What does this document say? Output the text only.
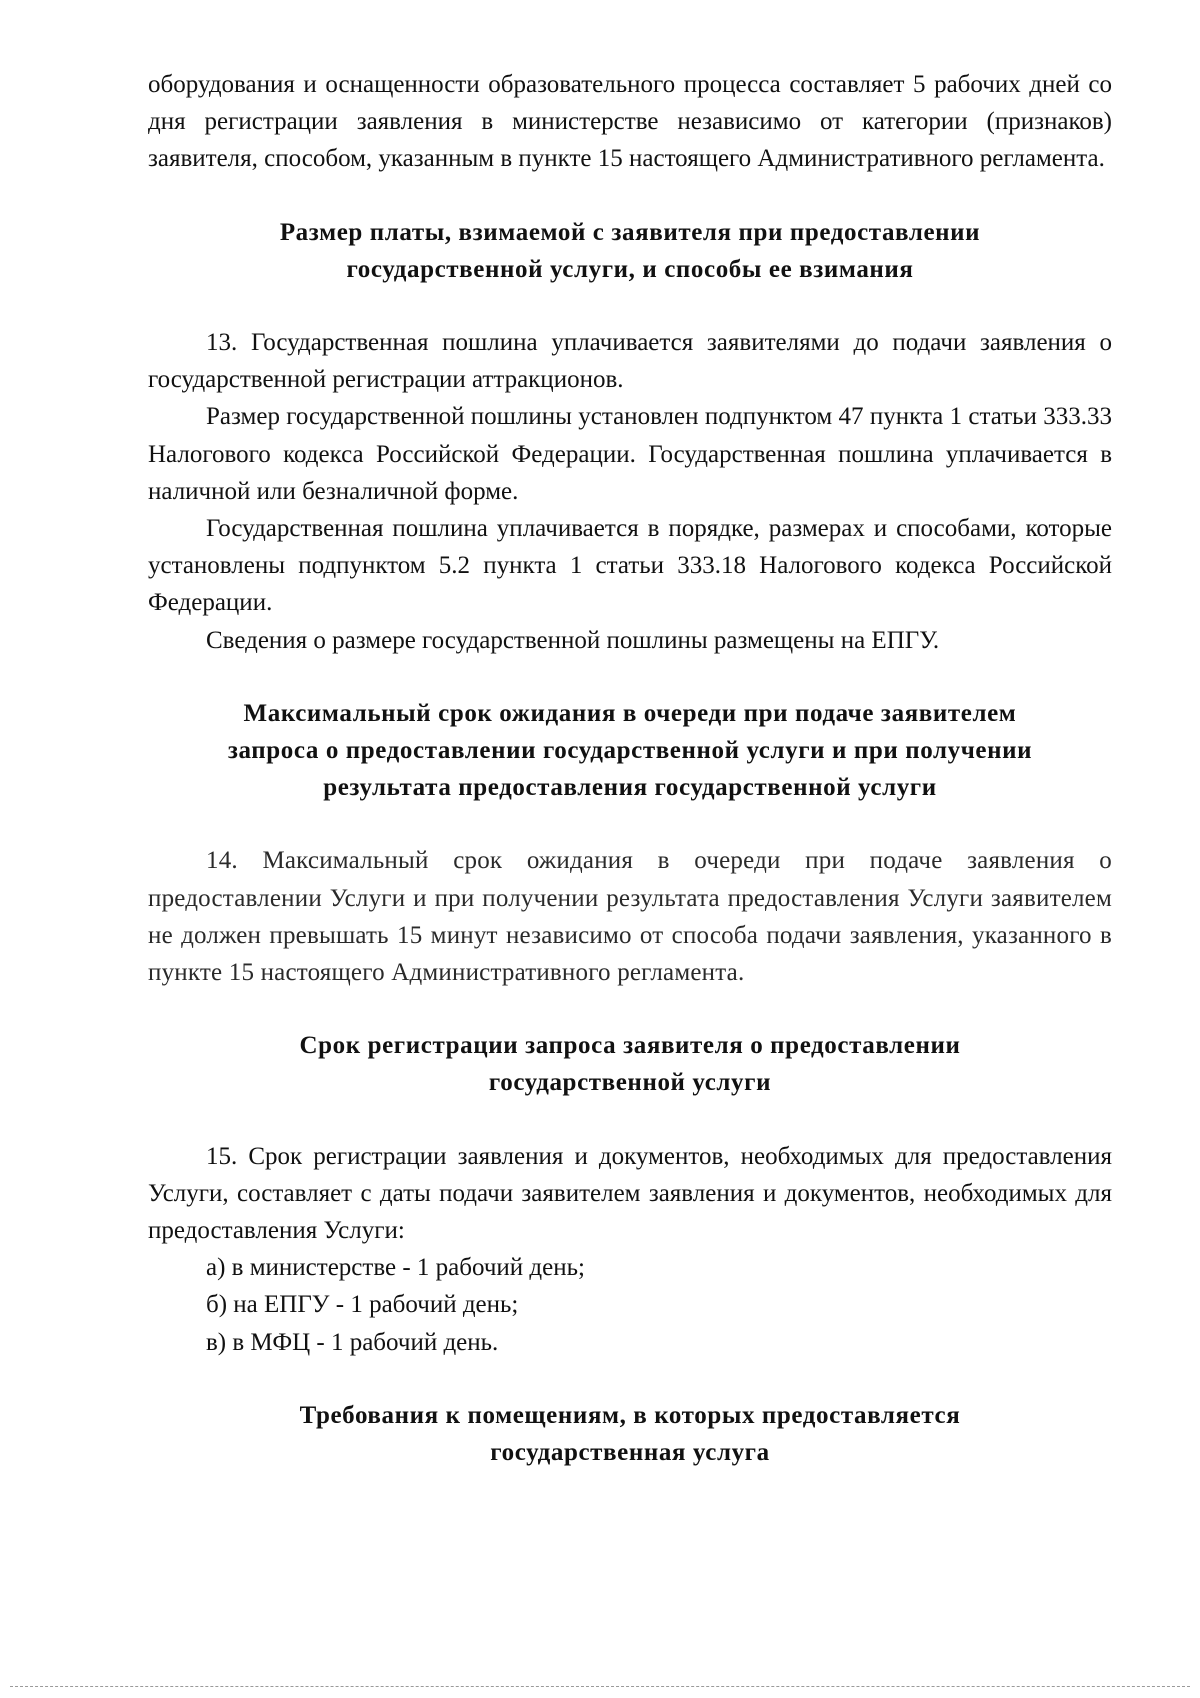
оборудования и оснащенности образовательного процесса составляет 5 рабочих дней со дня регистрации заявления в министерстве независимо от категории (признаков) заявителя, способом, указанным в пункте 15 настоящего Административного регламента.

Размер платы, взимаемой с заявителя при предоставлении

государственной услуги, и способы ее взимания

13. Государственная пошлина уплачивается заявителями до подачи заявления о государственной регистрации аттракционов.

Размер государственной пошлины установлен подпунктом 47 пункта 1 статьи 333.33 Налогового кодекса Российской Федерации. Государственная пошлина уплачивается в наличной или безналичной форме.

Государственная пошлина уплачивается в порядке, размерах и способами, которые установлены подпунктом 5.2 пункта 1 статьи 333.18 Налогового кодекса Российской Федерации.

Сведения о размере государственной пошлины размещены на ЕПГУ.

Максимальный срок ожидания в очереди при подаче заявителем

запроса о предоставлении государственной услуги и при получении

результата предоставления государственной услуги

14. Максимальный срок ожидания в очереди при подаче заявления о предоставлении Услуги и при получении результата предоставления Услуги заявителем не должен превышать 15 минут независимо от способа подачи заявления, указанного в пункте 15 настоящего Административного регламента.

Срок регистрации запроса заявителя о предоставлении

государственной услуги

15. Срок регистрации заявления и документов, необходимых для предоставления Услуги, составляет с даты подачи заявителем заявления и документов, необходимых для предоставления Услуги:

а) в министерстве - 1 рабочий день;

б) на ЕПГУ - 1 рабочий день;

в) в МФЦ - 1 рабочий день.

Требования к помещениям, в которых предоставляется

государственная услуга
